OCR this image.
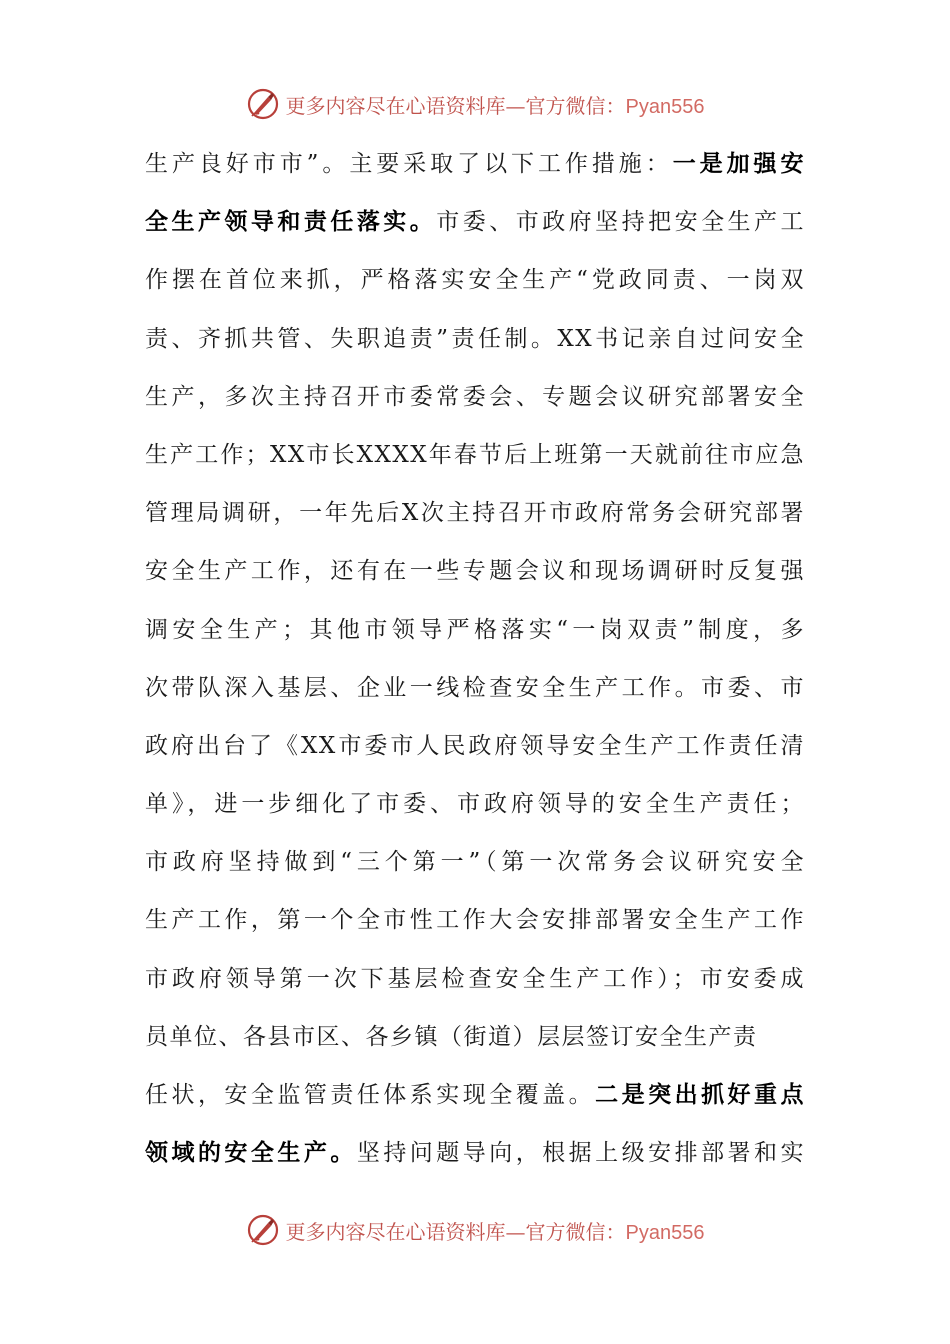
更多内容尽在心语资料库—官方微信：Pyan556
生产良好市市”。主要采取了以下工作措施：一是加强安
全生产领导和责任落实。市委、市政府坚持把安全生产工
作摆在首位来抓，严格落实安全生产“党政同责、一岗双
责、齐抓共管、失职追责”责任制。XX书记亲自过问安全
生产，多次主持召开市委常委会、专题会议研究部署安全
生产工作；XX市长XXXX年春节后上班第一天就前往市应急
管理局调研，一年先后X次主持召开市政府常务会研究部署
安全生产工作，还有在一些专题会议和现场调研时反复强
调安全生产；其他市领导严格落实“一岗双责”制度，多
次带队深入基层、企业一线检查安全生产工作。市委、市
政府出台了《XX市委市人民政府领导安全生产工作责任清
单》，进一步细化了市委、市政府领导的安全生产责任；
市政府坚持做到“三个第一”（第一次常务会议研究安全
生产工作，第一个全市性工作大会安排部署安全生产工作
市政府领导第一次下基层检查安全生产工作）；市安委成
员单位、各县市区、各乡镇（街道）层层签订安全生产责
任状，安全监管责任体系实现全覆盖。二是突出抓好重点
领域的安全生产。坚持问题导向，根据上级安排部署和实
更多内容尽在心语资料库—官方微信：Pyan556
